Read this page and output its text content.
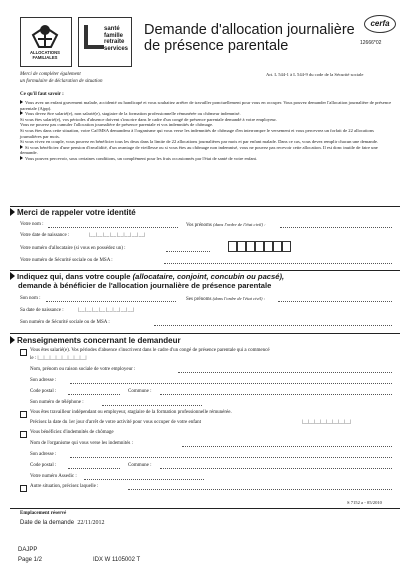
ALLOCATIONS
FAMILIALES
santé
famille
retraite
services
Demande d'allocation journalière
de présence parentale
cerfa
12666*02
Merci de compléter également
un formulaire de déclaration de situation
Art. L 544-1 à L 544-9 du code de la Sécurité sociale
Ce qu'il faut savoir :

Vous avez un enfant gravement malade, accidenté ou handicapé et vous souhaitez arrêter de travailler ponctuellement pour vous en occuper. Vous pouvez demander l'allocation journalière de présence parentale (Ajpp).

Vous devez être salarié(e), non salarié(e), stagiaire de la formation professionnelle rémunérée ou chômeur indemnisé.

Si vous êtes salarié(e), vos périodes d'absence doivent s'inscrire dans le cadre d'un congé de présence parentale demandé à votre employeur.

Vous ne pouvez pas cumuler l'allocation journalière de présence parentale et vos indemnités de chômage.

Si vous êtes dans cette situation, votre Caf/MSA demandera à l'organisme qui vous verse les indemnités de chômage d'en interrompre le versement et vous percevrez un forfait de 22 allocations journalières par mois.

Si vous vivez en couple, vous pouvez en bénéficier tous les deux dans la limite de 22 allocations journalières par mois et par enfant malade. Dans ce cas, vous devez remplir chacun une demande.

Si vous bénéficiez d'une pension d'invalidité, d'un avantage de vieillesse ou si vous êtes au chômage non indemnisé, vous ne pouvez pas recevoir cette allocation. Il est donc inutile de faire une demande.

Vous pouvez percevoir, sous certaines conditions, un complément pour les frais occasionnés par l'état de santé de votre enfant.

Merci de rappeler votre identité
Votre nom :	Vos prénoms (dans l'ordre de l'état civil) :
Votre date de naissance :	|__|__|__|__|__|__|__|__|
Votre numéro d'allocataire (si vous en possédez un) :
Votre numéro de Sécurité sociale ou de MSA :
Indiquez qui, dans votre couple (allocataire, conjoint, concubin ou pacsé),
demande à bénéficier de l'allocation journalière de présence parentale
Son nom :	Ses prénoms (dans l'ordre de l'état civil) :
Sa date de naissance :	|__|__|__|__|__|__|__|__|
Son numéro de Sécurité sociale ou de MSA :
Renseignements concernant le demandeur
Vous êtes salarié(e). Vos périodes d'absence s'inscrivent dans le cadre d'un congé de présence parentale qui a commencé
le : |__|__|__|__|__|__|__|__|
Nom, prénom ou raison sociale de votre employeur :
Son adresse :
Code postal :	Commune :
Son numéro de téléphone :
Vous êtes travailleur indépendant ou employeur, stagiaire de la formation professionnelle rémunérée.
Précisez la date du 1er jour d'arrêt de votre activité pour vous occuper de votre enfant	|__|__|__|__|__|__|__|__|
Vous bénéficiez d'indemnités de chômage
Nom de l'organisme qui vous verse les indemnités :
Son adresse :
Code postal :	Commune :
Votre numéro Assedic :
Autre situation, précisez laquelle :
S 7152 a - 05/2010
Emplacement réservé
Date de la demande 22/11/2012
DAJPP
Page 1/2	IDX W 1105002 T
